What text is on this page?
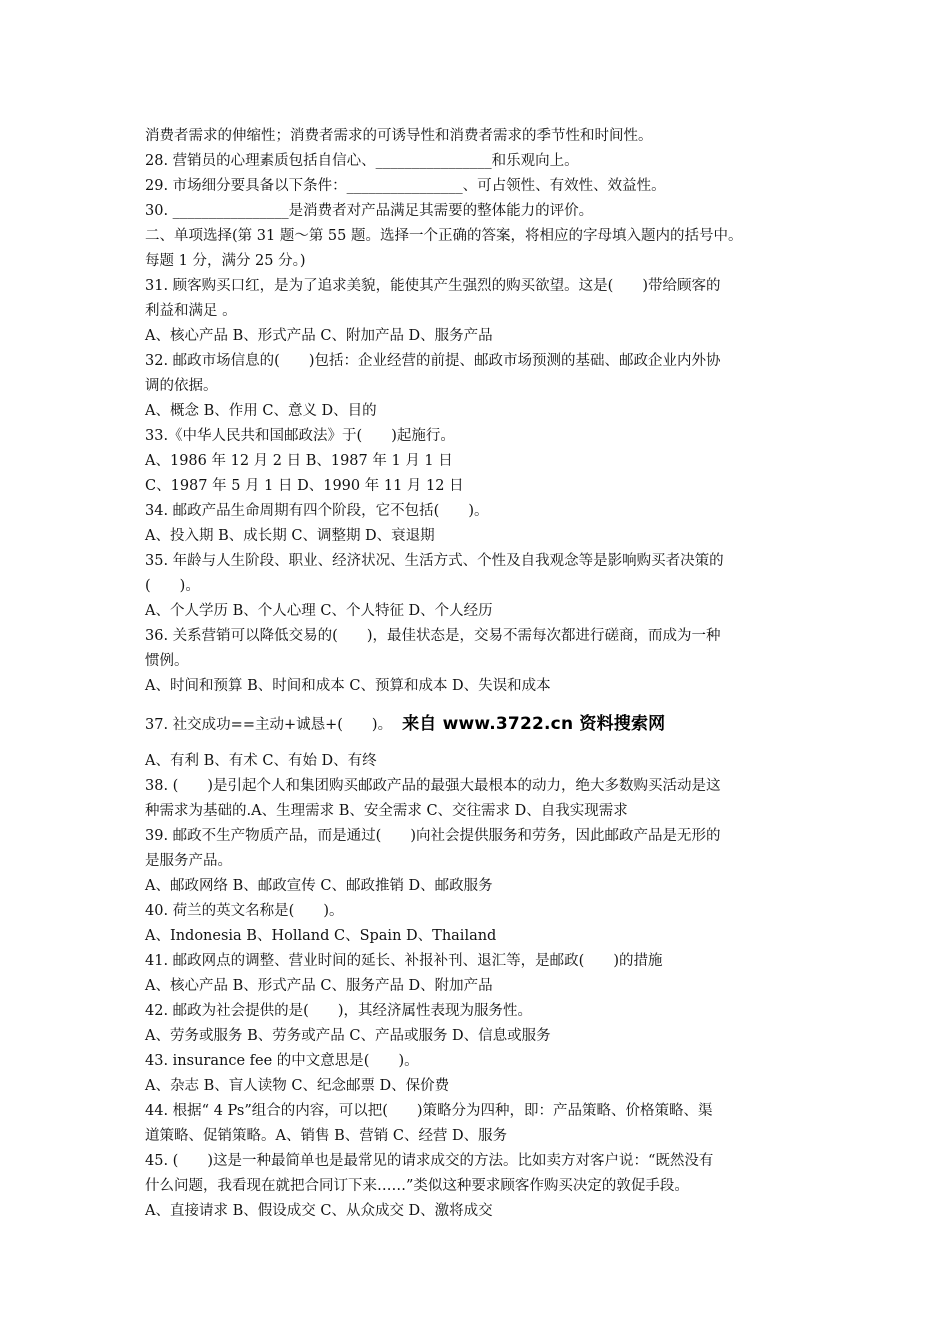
消费者需求的伸缩性；消费者需求的可诱导性和消费者需求的季节性和时间性。
28. 营销员的心理素质包括自信心、________________和乐观向上。
29. 市场细分要具备以下条件：________________、可占领性、有效性、效益性。
30. ________________是消费者对产品满足其需要的整体能力的评价。
二、单项选择(第 31 题～第 55 题。选择一个正确的答案，将相应的字母填入题内的括号中。
每题 1 分，满分 25 分。)
31. 顾客购买口红，是为了追求美貌，能使其产生强烈的购买欲望。这是(　　)带给顾客的
利益和满足 。
A、核心产品 B、形式产品 C、附加产品 D、服务产品
32. 邮政市场信息的(　　)包括：企业经营的前提、邮政市场预测的基础、邮政企业内外协
调的依据。
A、概念 B、作用 C、意义 D、目的
33.《中华人民共和国邮政法》于(　　)起施行。
A、1986 年 12 月 2 日 B、1987 年 1 月 1 日
C、1987 年 5 月 1 日 D、1990 年 11 月 12 日
34. 邮政产品生命周期有四个阶段，它不包括(　　)。
A、投入期 B、成长期 C、调整期 D、衰退期
35. 年龄与人生阶段、职业、经济状况、生活方式、个性及自我观念等是影响购买者决策的
(　　)。
A、个人学历 B、个人心理 C、个人特征 D、个人经历
36. 关系营销可以降低交易的(　　)，最佳状态是，交易不需每次都进行磋商，而成为一种
惯例。
A、时间和预算 B、时间和成本 C、预算和成本 D、失误和成本
37. 社交成功==主动+诚恳+(　　)。 来自 www.3722.cn 资料搜索网
A、有利 B、有术 C、有始 D、有终
38. (　　)是引起个人和集团购买邮政产品的最强大最根本的动力，绝大多数购买活动是这
种需求为基础的.A、生理需求 B、安全需求 C、交往需求 D、自我实现需求
39. 邮政不生产物质产品，而是通过(　　)向社会提供服务和劳务，因此邮政产品是无形的
是服务产品。
A、邮政网络 B、邮政宣传 C、邮政推销 D、邮政服务
40. 荷兰的英文名称是(　　)。
A、Indonesia B、Holland C、Spain D、Thailand
41. 邮政网点的调整、营业时间的延长、补报补刊、退汇等，是邮政(　　)的措施
A、核心产品 B、形式产品 C、服务产品 D、附加产品
42. 邮政为社会提供的是(　　)，其经济属性表现为服务性。
A、劳务或服务 B、劳务或产品 C、产品或服务 D、信息或服务
43. insurance fee 的中文意思是(　　)。
A、杂志 B、盲人读物 C、纪念邮票 D、保价费
44. 根据“ 4 Ps”组合的内容，可以把(　　)策略分为四种，即：产品策略、价格策略、渠
道策略、促销策略。A、销售 B、营销 C、经营 D、服务
45. (　　)这是一种最简单也是最常见的请求成交的方法。比如卖方对客户说：“既然没有
什么问题，我看现在就把合同订下来……”类似这种要求顾客作购买决定的敦促手段。
A、直接请求 B、假设成交 C、从众成交 D、激将成交
